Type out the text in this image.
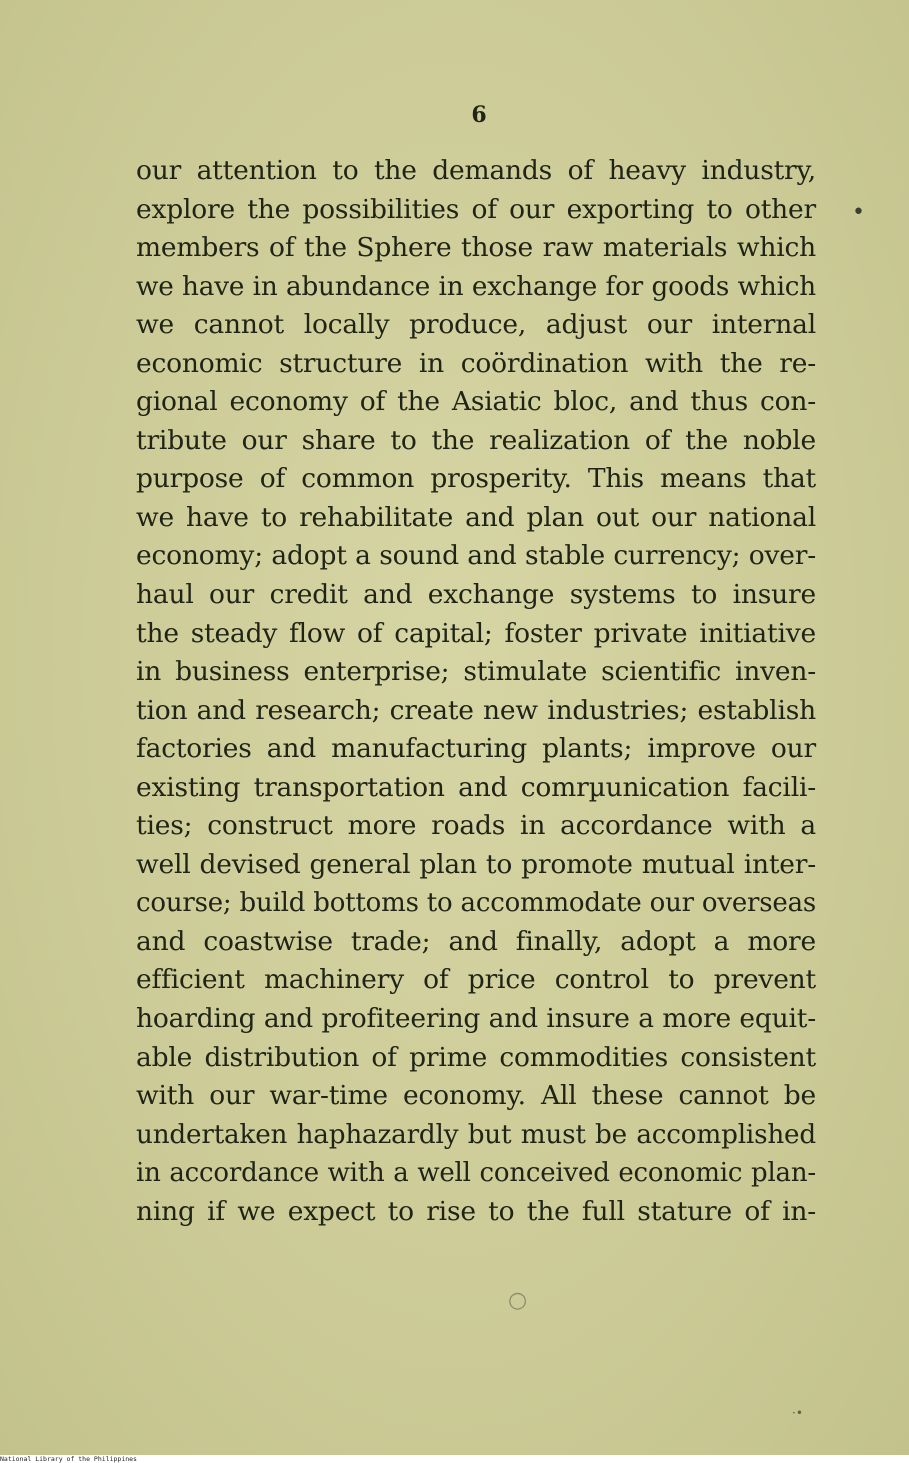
6
our attention to the demands of heavy industry,
explore the possibilities of our exporting to other
members of the Sphere those raw materials which
we have in abundance in exchange for goods which
we cannot locally produce, adjust our internal
economic structure in coördination with the re-
gional economy of the Asiatic bloc, and thus con-
tribute our share to the realization of the noble
purpose of common prosperity. This means that
we have to rehabilitate and plan out our national
economy; adopt a sound and stable currency; over-
haul our credit and exchange systems to insure
the steady flow of capital; foster private initiative
in business enterprise; stimulate scientific inven-
tion and research; create new industries; establish
factories and manufacturing plants; improve our
existing transportation and comrµunication facili-
ties; construct more roads in accordance with a
well devised general plan to promote mutual inter-
course; build bottoms to accommodate our overseas
and coastwise trade; and finally, adopt a more
efficient machinery of price control to prevent
hoarding and profiteering and insure a more equit-
able distribution of prime commodities consistent
with our war-time economy. All these cannot be
undertaken haphazardly but must be accomplished
in accordance with a well conceived economic plan-
ning if we expect to rise to the full stature of in-
•
○
·•
National Library of the Philippines
